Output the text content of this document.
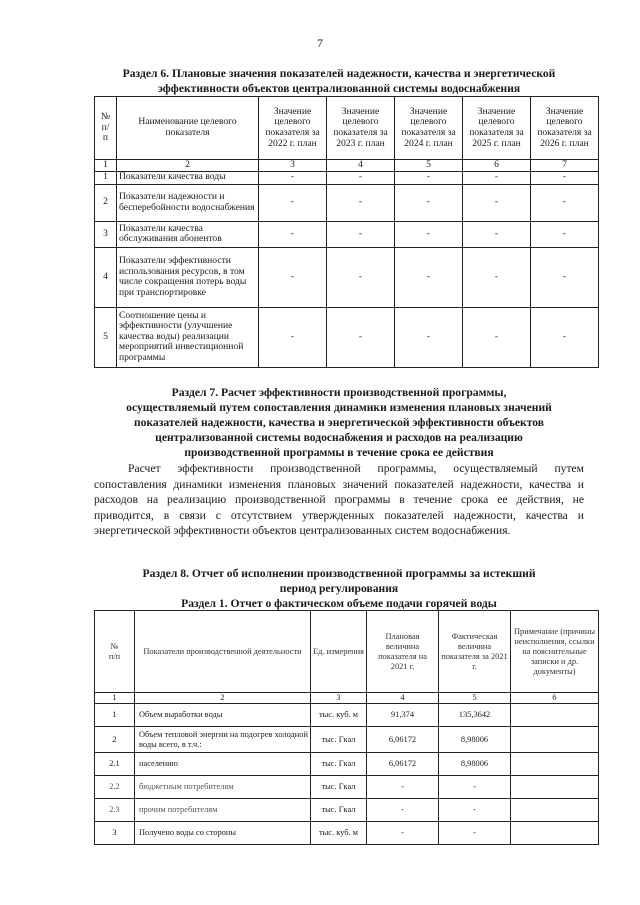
7
Раздел 6. Плановые значения показателей надежности, качества и энергетической
эффективности объектов централизованной системы водоснабжения
№
п/
п	Наименование целевого показателя	Значение целевого показателя за 2022 г. план	Значение целевого показателя за 2023 г. план	Значение целевого показателя за 2024 г. план	Значение целевого показателя за 2025 г. план	Значение целевого показателя за 2026 г. план
1	2	3	4	5	6	7
1	Показатели качества воды	-	-	-	-	-
2	Показатели надежности и бесперебойности водоснабжения	-	-	-	-	-
3	Показатели качества обслуживания абонентов	-	-	-	-	-
4	Показатели эффективности использования ресурсов, в том числе сокращения потерь воды при транспортировке	-	-	-	-	-
5	Соотношение цены и эффективности (улучшение качества воды) реализации мероприятий инвестиционной программы	-	-	-	-	-
Раздел 7. Расчет эффективности производственной программы,
осуществляемый путем сопоставления динамики изменения плановых значений
показателей надежности, качества и энергетической эффективности объектов
централизованной системы водоснабжения и расходов на реализацию
производственной программы в течение срока ее действия
Расчет эффективности производственной программы, осуществляемый путем сопоставления динамики изменения плановых значений показателей надежности, качества и расходов на реализацию производственной программы в течение срока ее действия, не приводится, в связи с отсутствием утвержденных показателей надежности, качества и энергетической эффективности объектов централизованных систем водоснабжения.
Раздел 8. Отчет об исполнении производственной программы за истекший
период регулирования
Раздел 1. Отчет о фактическом объеме подачи горячей воды
№
п/п	Показатели производственной деятельности	Ед. измерения	Плановая величина показателя на 2021 г.	Фактическая величина показателя за 2021 г.	Примечание (причины неисполнения, ссылки на пояснительные записки и др. документы)
1	2	3	4	5	6
1	Объем выработки воды	тыс. куб. м	91,374	135,3642	
2	Объем тепловой энергии на подогрев холодной воды всего, в т.ч.:	тыс. Гкал	6,06172	8,98006	
2.1	населению	тыс. Гкал	6,06172	8,98006	
2.2	бюджетным потребителям	тыс. Гкал	-	-	
2.3	прочим потребителям	тыс. Гкал	-	-	
3	Получено воды со стороны	тыс. куб. м	-	-	
